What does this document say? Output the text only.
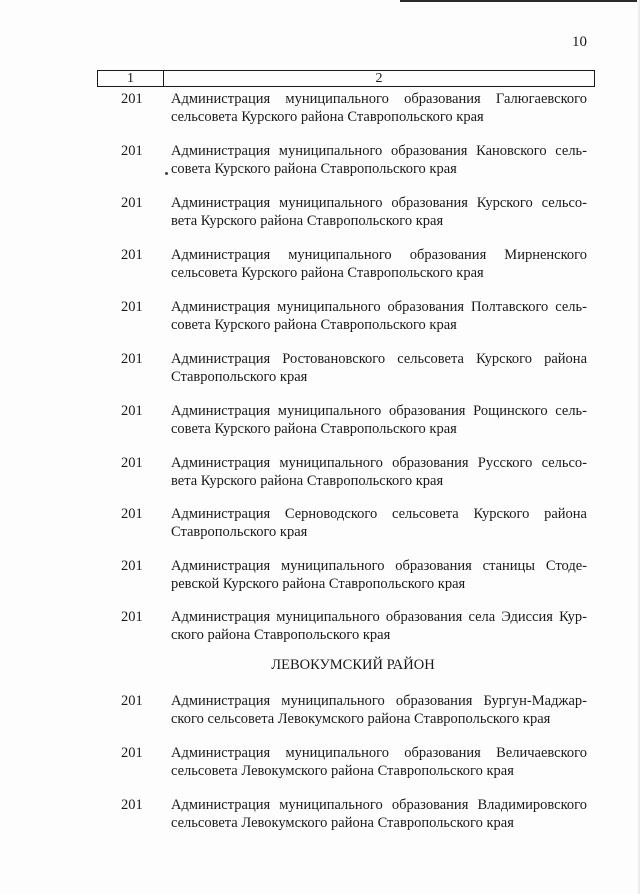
10
1	2
201 Администрация муниципального образования Галюгаевского
сельсовета Курского района Ставропольского края

201 Администрация муниципального образования Кановского сель-
совета Курского района Ставропольского края

201 Администрация муниципального образования Курского сельсо-
вета Курского района Ставропольского края

201 Администрация муниципального образования Мирненского
сельсовета Курского района Ставропольского края

201 Администрация муниципального образования Полтавского сель-
совета Курского района Ставропольского края

201 Администрация Ростовановского сельсовета Курского района
Ставропольского края

201 Администрация муниципального образования Рощинского сель-
совета Курского района Ставропольского края

201 Администрация муниципального образования Русского сельсо-
вета Курского района Ставропольского края

201 Администрация Серноводского сельсовета Курского района
Ставропольского края

201 Администрация муниципального образования станицы Стоде-
ревской Курского района Ставропольского края

201 Администрация муниципального образования села Эдиссия Кур-
ского района Ставропольского края

ЛЕВОКУМСКИЙ РАЙОН
201 Администрация муниципального образования Бургун-Маджар-
ского сельсовета Левокумского района Ставропольского края

201 Администрация муниципального образования Величаевского
сельсовета Левокумского района Ставропольского края

201 Администрация муниципального образования Владимировского
сельсовета Левокумского района Ставропольского края
